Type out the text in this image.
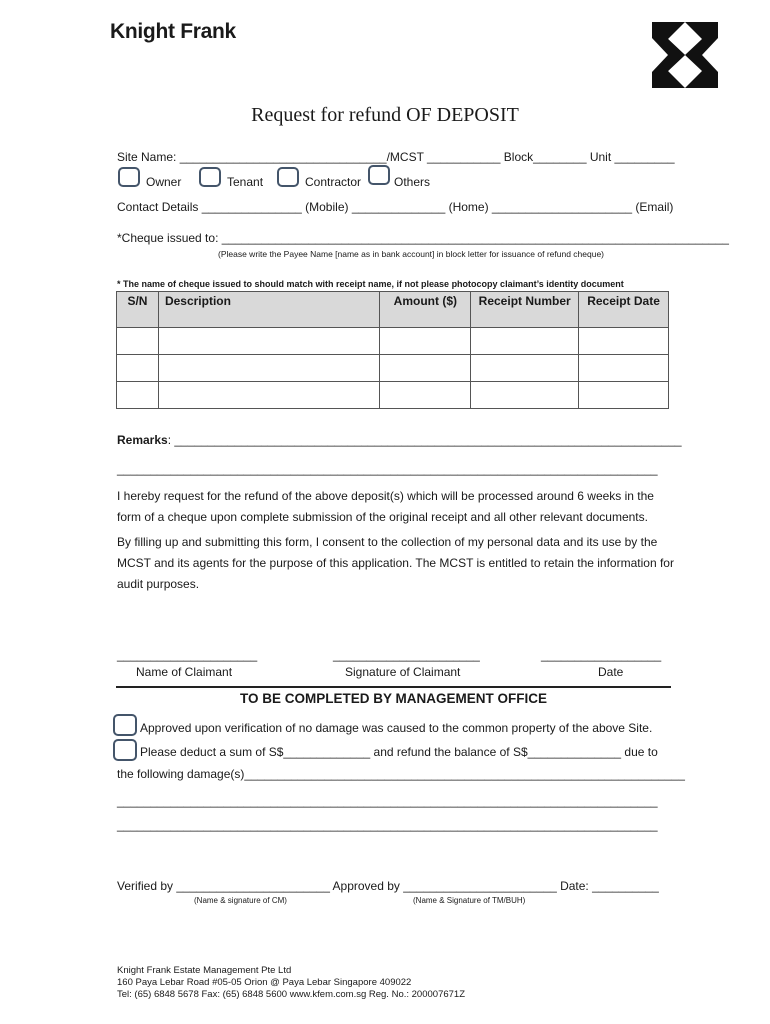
Knight Frank
Request for refund OF DEPOSIT
Site Name: _______________________________/MCST ___________ Block________ Unit _________
Owner	Tenant	Contractor	Others
Contact Details _______________ (Mobile) ______________ (Home) _____________________ (Email)
*Cheque issued to: ____________________________________________________________________________
(Please write the Payee Name [name as in bank account] in block letter for issuance of refund cheque)
* The name of cheque issued to should match with receipt name, if not please photocopy claimant’s identity document
S/N	Description	Amount ($)	Receipt Number	Receipt Date

Remarks: ____________________________________________________________________________
_________________________________________________________________________________
I hereby request for the refund of the above deposit(s) which will be processed around 6 weeks in the
form of a cheque upon complete submission of the original receipt and all other relevant documents.
By filling up and submitting this form, I consent to the collection of my personal data and its use by the
MCST and its agents for the purpose of this application. The MCST is entitled to retain the information for
audit purposes.
_____________________	______________________	__________________
Name of Claimant	Signature of Claimant	Date
TO BE COMPLETED BY MANAGEMENT OFFICE
Approved upon verification of no damage was caused to the common property of the above Site.
Please deduct a sum of S$_____________ and refund the balance of S$______________ due to
the following damage(s)__________________________________________________________________
_________________________________________________________________________________
_________________________________________________________________________________
Verified by _______________________ Approved by _______________________ Date: __________
(Name & signature of CM)	(Name & Signature of TM/BUH)
Knight Frank Estate Management Pte Ltd
160 Paya Lebar Road #05-05 Orion @ Paya Lebar Singapore 409022
Tel: (65) 6848 5678 Fax: (65) 6848 5600 www.kfem.com.sg Reg. No.: 200007671Z
